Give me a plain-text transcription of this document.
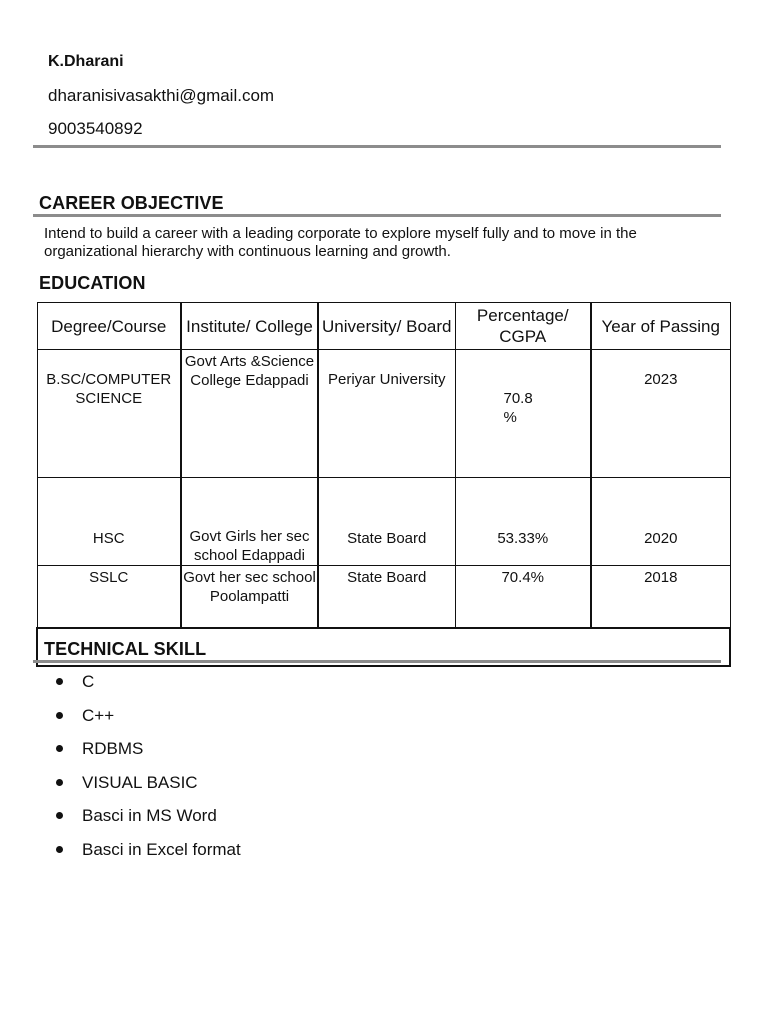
K.Dharani
dharanisivasakthi@gmail.com
9003540892
CAREER OBJECTIVE
Intend to build a career with a leading corporate to explore myself fully and to move in the organizational hierarchy with continuous learning and growth.
EDUCATION
Degree/Course	Institute/ College	University/ Board	Percentage/ CGPA	Year of Passing
B.SC/COMPUTER SCIENCE	Govt Arts &Science College Edappadi	Periyar University	70.8 %	2023
HSC	Govt Girls her sec school Edappadi	State Board	53.33%	2020
SSLC	Govt her sec school Poolampatti	State Board	70.4%	2018

TECHNICAL SKILL
C
C++
RDBMS
VISUAL BASIC
Basci in MS Word
Basci in Excel format
